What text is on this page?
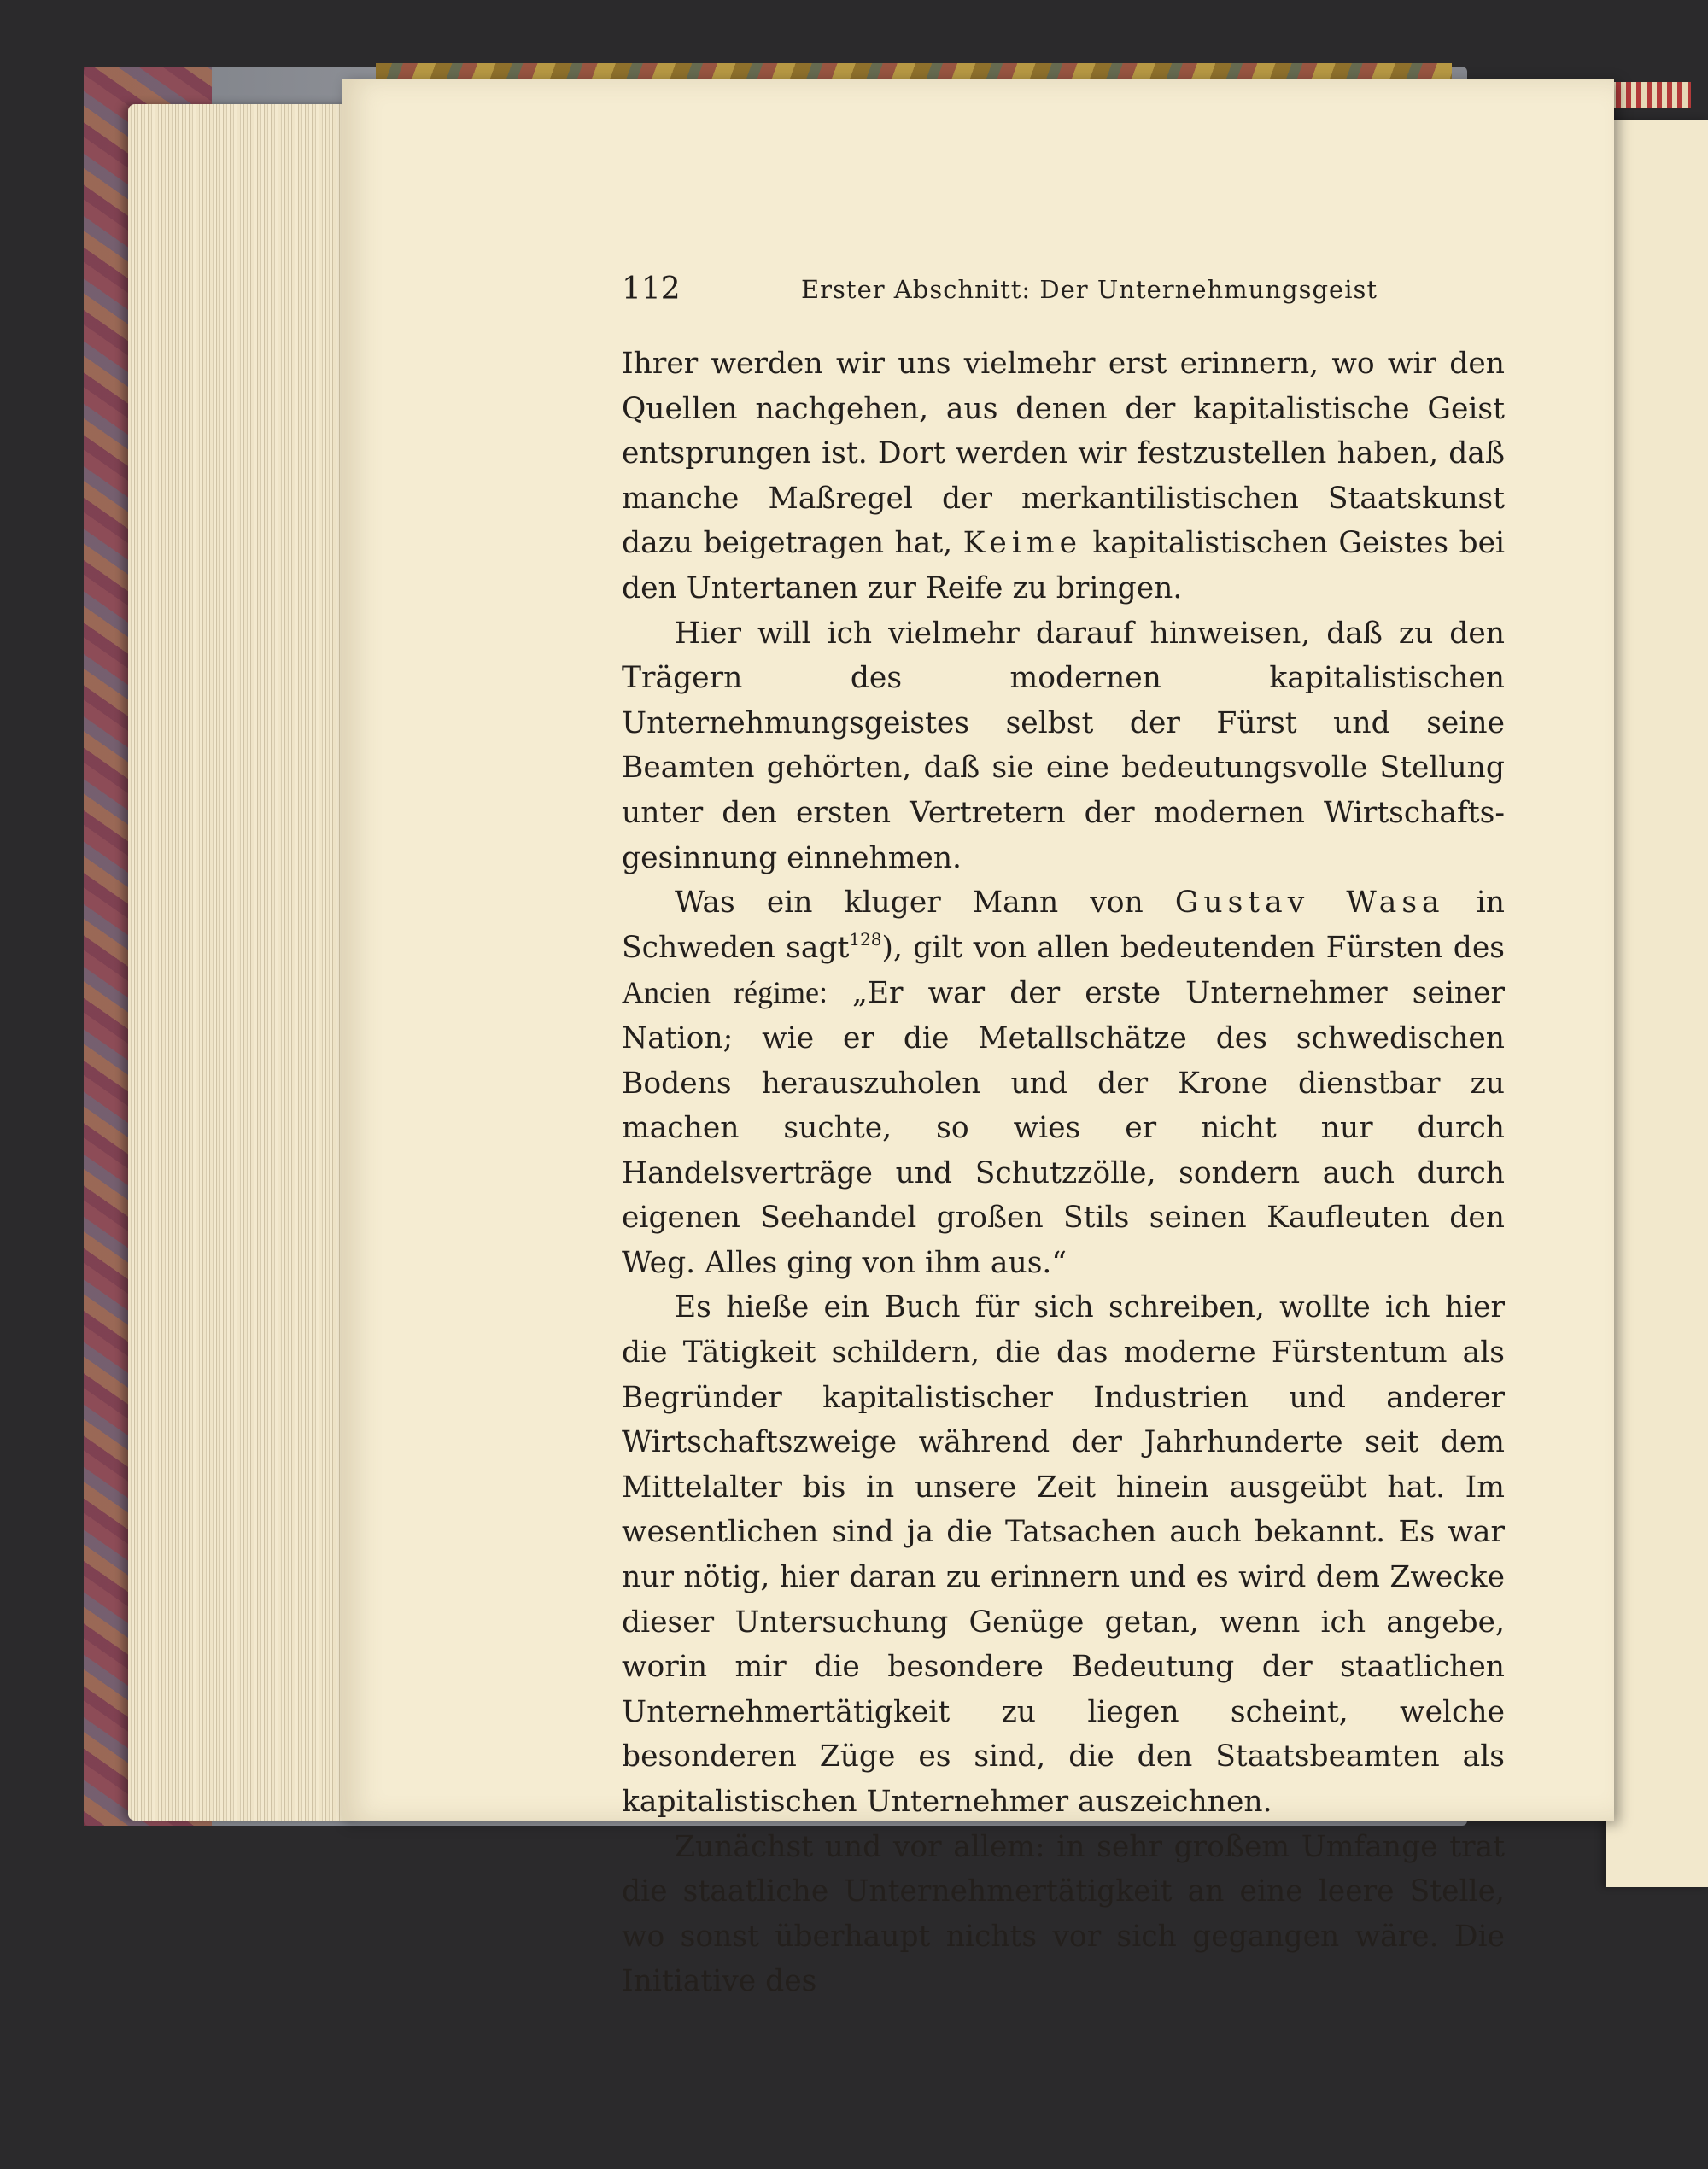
112	Erster Abschnitt: Der Unternehmungsgeist

Ihrer werden wir uns vielmehr erst erinnern, wo wir den Quellen nachgehen, aus denen der kapitalistische Geist entsprungen ist. Dort werden wir festzustellen haben, daß manche Maßregel der merkantilistischen Staatskunst dazu beigetragen hat, Keime kapitalistischen Geistes bei den Untertanen zur Reife zu bringen.

Hier will ich vielmehr darauf hinweisen, daß zu den Trägern des modernen kapitalistischen Unternehmungsgeistes selbst der Fürst und seine Beamten gehörten, daß sie eine bedeutungsvolle Stellung unter den ersten Vertretern der modernen Wirtschafts-gesinnung einnehmen.

Was ein kluger Mann von Gustav Wasa in Schweden sagt$^{128}$), gilt von allen bedeutenden Fürsten des Ancien régime: „Er war der erste Unternehmer seiner Nation; wie er die Metallschätze des schwedischen Bodens herauszuholen und der Krone dienstbar zu machen suchte, so wies er nicht nur durch Handelsverträge und Schutzzölle, sondern auch durch eigenen Seehandel großen Stils seinen Kaufleuten den Weg. Alles ging von ihm aus.“

Es hieße ein Buch für sich schreiben, wollte ich hier die Tätigkeit schildern, die das moderne Fürstentum als Begründer kapitalistischer Industrien und anderer Wirtschaftszweige während der Jahrhunderte seit dem Mittelalter bis in unsere Zeit hinein ausgeübt hat. Im wesentlichen sind ja die Tatsachen auch bekannt. Es war nur nötig, hier daran zu erinnern und es wird dem Zwecke dieser Untersuchung Genüge getan, wenn ich angebe, worin mir die besondere Bedeutung der staatlichen Unternehmertätigkeit zu liegen scheint, welche besonderen Züge es sind, die den Staatsbeamten als kapitalistischen Unternehmer auszeichnen.

Zunächst und vor allem: in sehr großem Umfange trat die staatliche Unternehmertätigkeit an eine leere Stelle, wo sonst überhaupt nichts vor sich gegangen wäre. Die Initiative des
